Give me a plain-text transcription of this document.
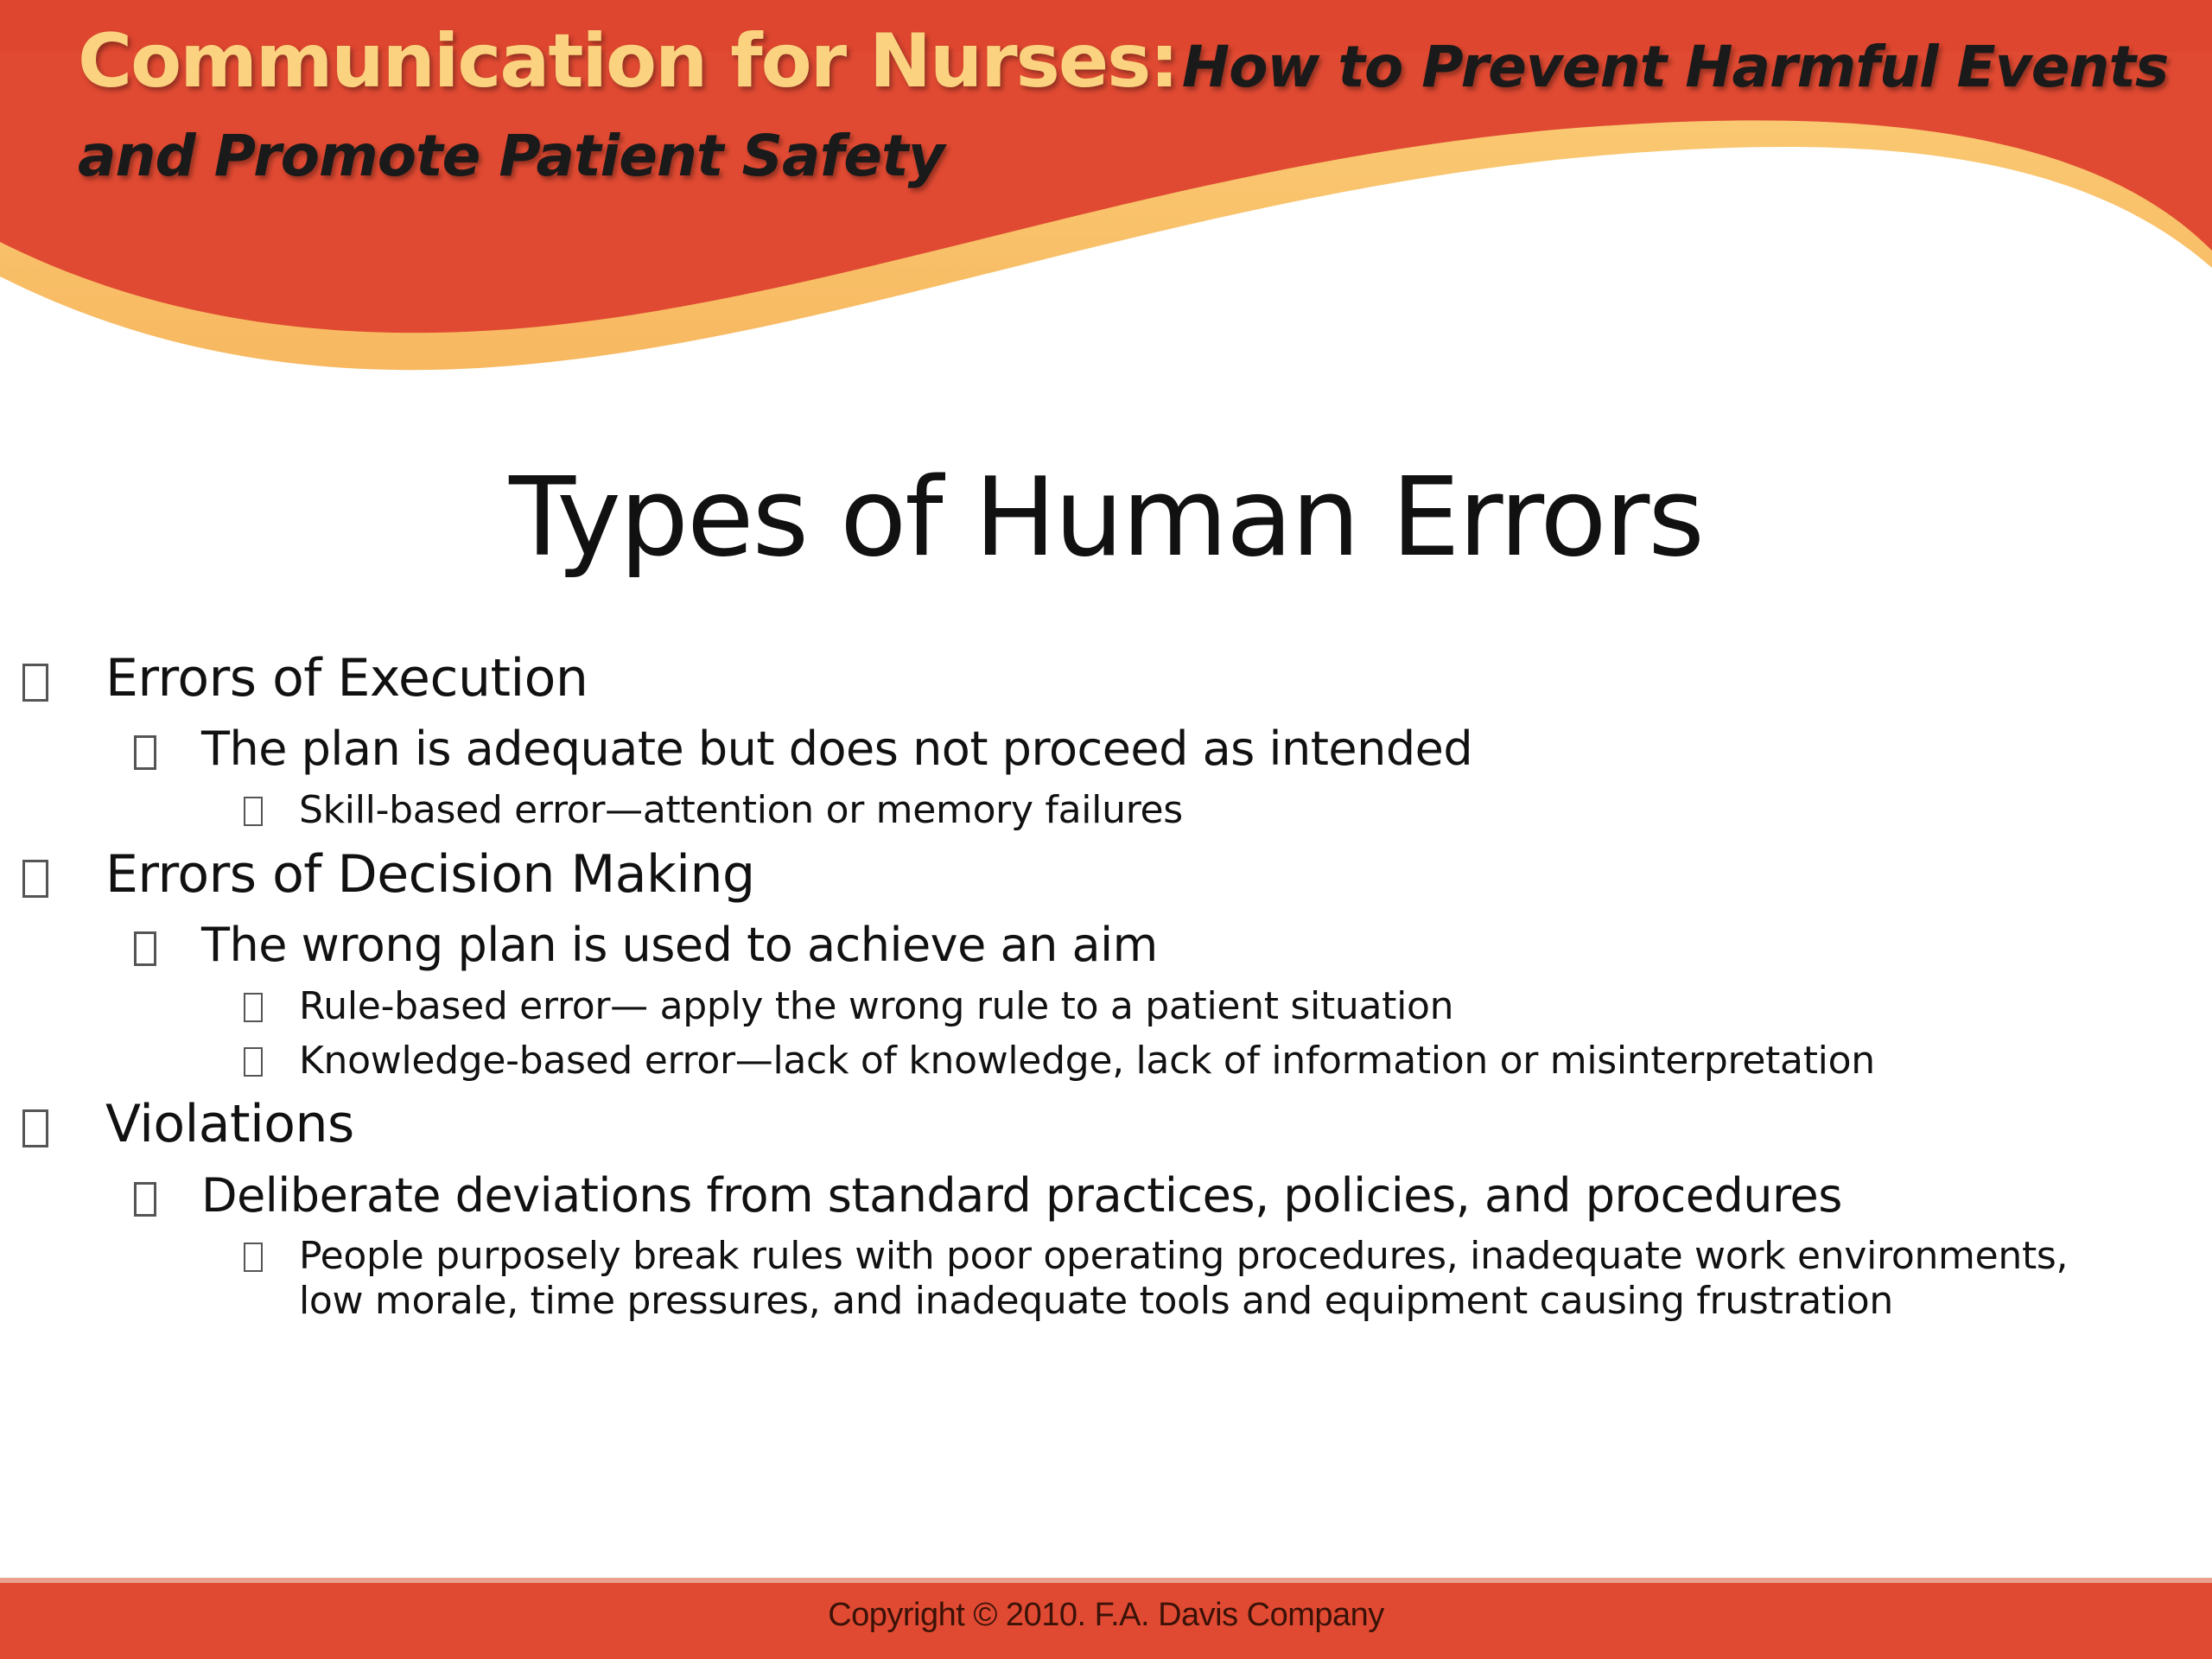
Communication for Nurses: How to Prevent Harmful Events
and Promote Patient Safety
Types of Human Errors
Errors of Execution
The plan is adequate but does not proceed as intended
Skill-based error—attention or memory failures
Errors of Decision Making
The wrong plan is used to achieve an aim
Rule-based error— apply the wrong rule to a patient situation
Knowledge-based error—lack of knowledge, lack of information or misinterpretation
Violations
Deliberate deviations from standard practices, policies, and procedures
People purposely break rules with poor operating procedures, inadequate work environments,
low morale, time pressures, and inadequate tools and equipment causing frustration
Copyright © 2010. F.A. Davis Company
